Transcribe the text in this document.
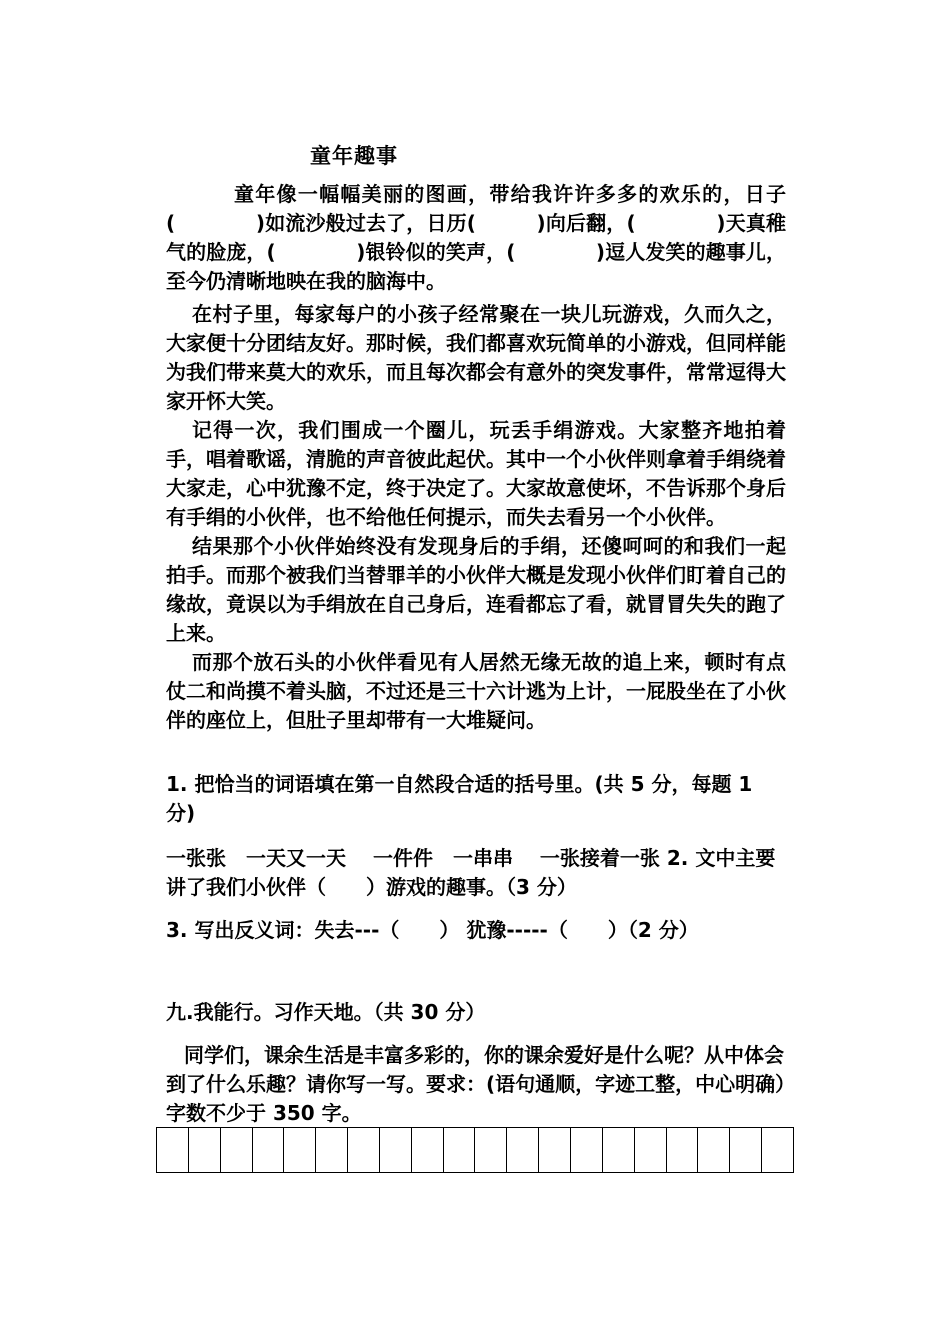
童年趣事

童年像一幅幅美丽的图画，带给我许许多多的欢乐的，日子(　　　　)如流沙般过去了，日历(　　　)向后翻，(　　　　)天真稚气的脸庞，(　　　　)银铃似的笑声，(　　　　)逗人发笑的趣事儿，至今仍清晰地映在我的脑海中。

在村子里，每家每户的小孩子经常聚在一块儿玩游戏，久而久之，大家便十分团结友好。那时候，我们都喜欢玩简单的小游戏，但同样能为我们带来莫大的欢乐，而且每次都会有意外的突发事件，常常逗得大家开怀大笑。

记得一次，我们围成一个圈儿，玩丢手绢游戏。大家整齐地拍着手，唱着歌谣，清脆的声音彼此起伏。其中一个小伙伴则拿着手绢绕着大家走，心中犹豫不定，终于决定了。大家故意使坏，不告诉那个身后有手绢的小伙伴，也不给他任何提示，而失去看另一个小伙伴。

结果那个小伙伴始终没有发现身后的手绢，还傻呵呵的和我们一起拍手。而那个被我们当替罪羊的小伙伴大概是发现小伙伴们盯着自己的缘故，竟误以为手绢放在自己身后，连看都忘了看，就冒冒失失的跑了上来。

而那个放石头的小伙伴看见有人居然无缘无故的追上来，顿时有点仗二和尚摸不着头脑，不过还是三十六计逃为上计，一屁股坐在了小伙伴的座位上，但肚子里却带有一大堆疑问。

1. 把恰当的词语填在第一自然段合适的括号里。(共 5 分，每题 1 分)

一张张　一天又一天　 一件件　一串串　 一张接着一张 2. 文中主要讲了我们小伙伴（　　）游戏的趣事。（3 分）

3. 写出反义词：失去---（　　） 犹豫-----（　　）（2 分）

九.我能行。习作天地。（共 30 分）

同学们，课余生活是丰富多彩的，你的课余爱好是什么呢？从中体会到了什么乐趣？请你写一写。要求：(语句通顺，字迹工整，中心明确）字数不少于 350 字。
